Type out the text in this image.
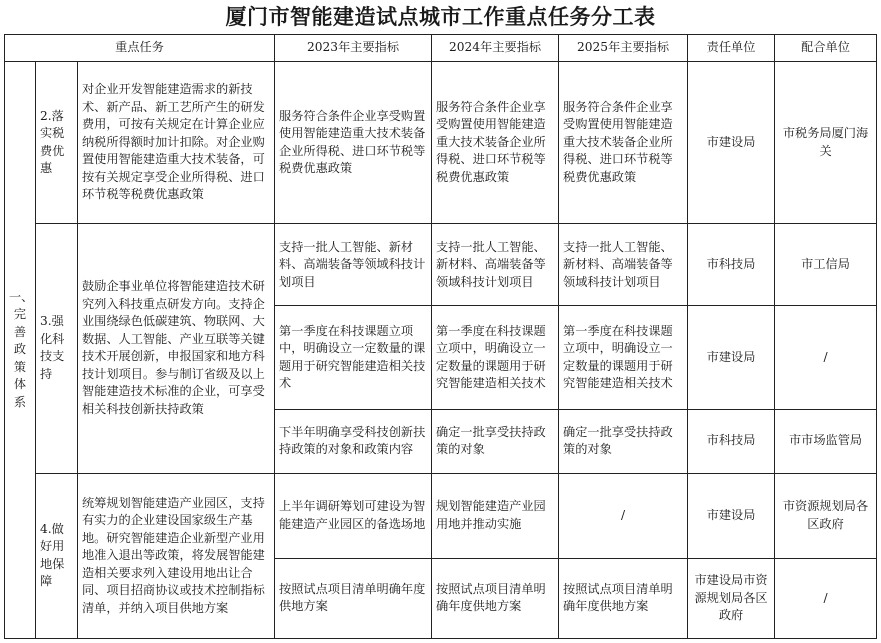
厦门市智能建造试点城市工作重点任务分工表
重点任务			2023年主要指标	2024年主要指标	2025年主要指标	责任单位	配合单位
一、完善政策体系	2.落实税费优惠	对企业开发智能建造需求的新技术、新产品、新工艺所产生的研发费用，可按有关规定在计算企业应纳税所得额时加计扣除。对企业购置使用智能建造重大技术装备，可按有关规定享受企业所得税、进口环节税等税费优惠政策	服务符合条件企业享受购置使用智能建造重大技术装备企业所得税、进口环节税等税费优惠政策	服务符合条件企业享受购置使用智能建造重大技术装备企业所得税、进口环节税等税费优惠政策	服务符合条件企业享受购置使用智能建造重大技术装备企业所得税、进口环节税等税费优惠政策	市建设局	市税务局厦门海关
	3.强化科技支持	鼓励企事业单位将智能建造技术研究列入科技重点研发方向。支持企业围绕绿色低碳建筑、物联网、大数据、人工智能、产业互联等关键技术开展创新，申报国家和地方科技计划项目。参与制订省级及以上智能建造技术标准的企业，可享受相关科技创新扶持政策	支持一批人工智能、新材料、高端装备等领域科技计划项目	支持一批人工智能、新材料、高端装备等领域科技计划项目	支持一批人工智能、新材料、高端装备等领域科技计划项目	市科技局	市工信局
			第一季度在科技课题立项中，明确设立一定数量的课题用于研究智能建造相关技术	第一季度在科技课题立项中，明确设立一定数量的课题用于研究智能建造相关技术	第一季度在科技课题立项中，明确设立一定数量的课题用于研究智能建造相关技术	市建设局	/
			下半年明确享受科技创新扶持政策的对象和政策内容	确定一批享受扶持政策的对象	确定一批享受扶持政策的对象	市科技局	市市场监管局
	4.做好用地保障	统筹规划智能建造产业园区，支持有实力的企业建设国家级生产基地。研究智能建造企业新型产业用地准入退出等政策，将发展智能建造相关要求列入建设用地出让合同、项目招商协议或技术控制指标清单，并纳入项目供地方案	上半年调研筹划可建设为智能建造产业园区的备选场地	规划智能建造产业园用地并推动实施	/	市建设局	市资源规划局各区政府
			按照试点项目清单明确年度供地方案	按照试点项目清单明确年度供地方案	按照试点项目清单明确年度供地方案	市建设局市资源规划局各区政府	/
